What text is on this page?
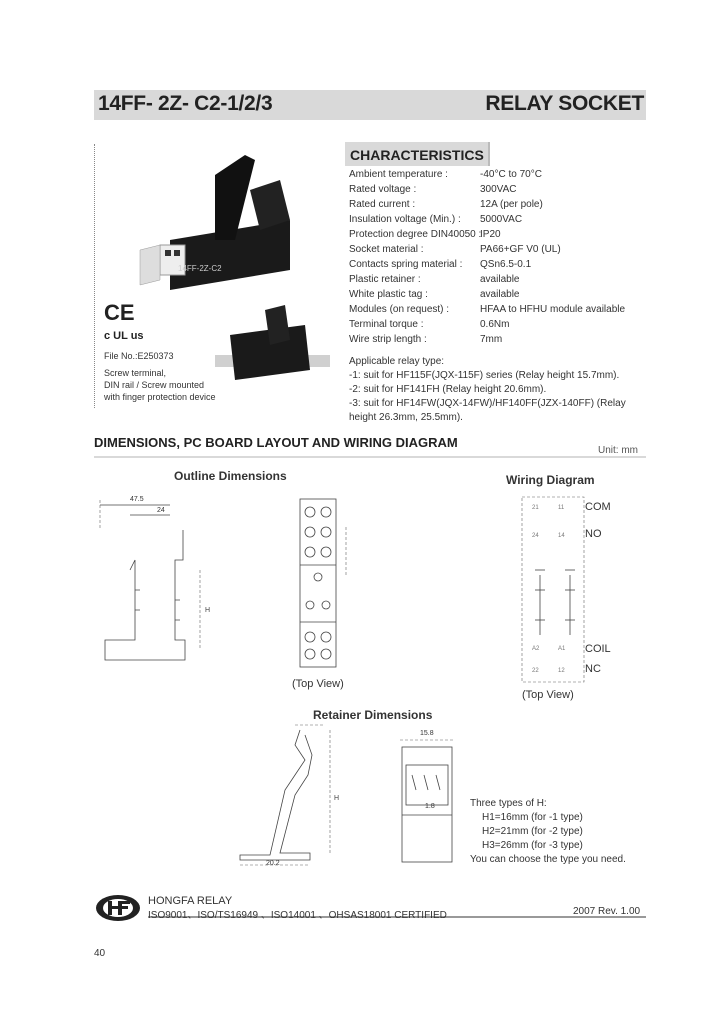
14FF- 2Z- C2-1/2/3	RELAY SOCKET
14FF-2Z-C2
CE
c UL us
File No.:E250373
Screw terminal,
DIN rail / Screw mounted
with finger protection device
CHARACTERISTICS
Ambient temperature :	-40°C to 70°C
Rated voltage :	300VAC
Rated current :	12A (per pole)
Insulation voltage (Min.) : 5000VAC
Protection degree DIN40050 :
IP20
Socket material :	PA66+GF V0 (UL)
Contacts spring material : QSn6.5-0.1
Plastic retainer :	available
White plastic tag :	available
Modules (on request) :	HFAA to HFHU module available
Terminal torque :	0.6Nm
Wire strip length :	7mm
Applicable relay type:
-1: suit for HF115F(JQX-115F) series (Relay height 15.7mm).
-2: suit for HF141FH (Relay height 20.6mm).
-3: suit for HF14FW(JQX-14FW)/HF140FF(JZX-140FF) (Relay
height 26.3mm, 25.5mm).
DIMENSIONS, PC BOARD LAYOUT AND WIRING DIAGRAM
Unit: mm
Outline Dimensions
H
47.5
24
(Top View)
Wiring Diagram
21	11
24	14
A2	A1
22	12
COM
NO
COIL
NC
(Top View)
Retainer Dimensions
H
20.2
15.8
1.8	Three types of H:
H1=16mm (for -1 type)
H2=21mm (for -2 type)
H3=26mm (for -3 type)
You can choose the type you need.
HONGFA RELAY
ISO9001、ISO/TS16949 、ISO14001 、OHSAS18001 CERTIFIED	2007 Rev. 1.00
40
